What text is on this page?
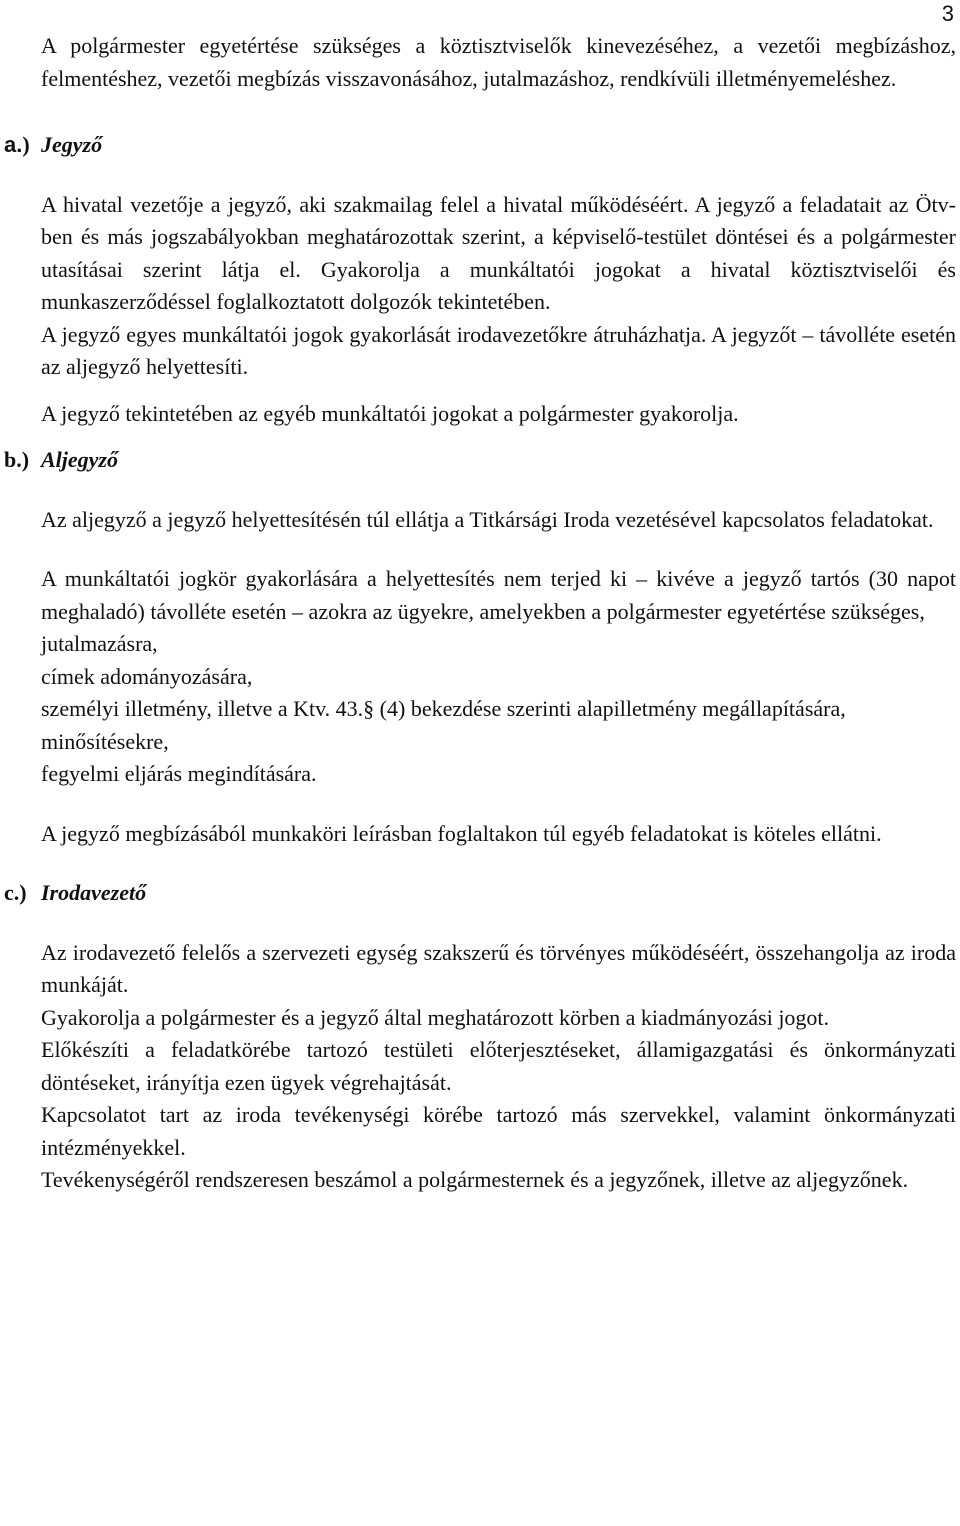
3

A polgármester egyetértése szükséges a köztisztviselők kinevezéséhez, a vezetői megbízáshoz, felmentéshez, vezetői megbízás visszavonásához, jutalmazáshoz, rendkívüli illetményemeléshez.

a.) Jegyző

A hivatal vezetője a jegyző, aki szakmailag felel a hivatal működéséért. A jegyző a feladatait az Ötv-ben és más jogszabályokban meghatározottak szerint, a képviselő-testület döntései és a polgármester utasításai szerint látja el. Gyakorolja a munkáltatói jogokat a hivatal köztisztviselői és munkaszerződéssel foglalkoztatott dolgozók tekintetében.

A jegyző egyes munkáltatói jogok gyakorlását irodavezetőkre átruházhatja. A jegyzőt – távolléte esetén az aljegyző helyettesíti.

A jegyző tekintetében az egyéb munkáltatói jogokat a polgármester gyakorolja.

b.) Aljegyző

Az aljegyző a jegyző helyettesítésén túl ellátja a Titkársági Iroda vezetésével kapcsolatos feladatokat.

A munkáltatói jogkör gyakorlására a helyettesítés nem terjed ki – kivéve a jegyző tartós (30 napot meghaladó) távolléte esetén – azokra az ügyekre, amelyekben a polgármester egyetértése szükséges,

jutalmazásra,
címek adományozására,
személyi illetmény, illetve a Ktv. 43.§ (4) bekezdése szerinti alapilletmény megállapítására,
minősítésekre,
fegyelmi eljárás megindítására.

A jegyző megbízásából munkaköri leírásban foglaltakon túl egyéb feladatokat is köteles ellátni.

c.) Irodavezető

Az irodavezető felelős a szervezeti egység szakszerű és törvényes működéséért, összehangolja az iroda munkáját.

Gyakorolja a polgármester és a jegyző által meghatározott körben a kiadmányozási jogot.

Előkészíti a feladatkörébe tartozó testületi előterjesztéseket, államigazgatási és önkormányzati döntéseket, irányítja ezen ügyek végrehajtását.

Kapcsolatot tart az iroda tevékenységi körébe tartozó más szervekkel, valamint önkormányzati intézményekkel.

Tevékenységéről rendszeresen beszámol a polgármesternek és a jegyzőnek, illetve az aljegyzőnek.
